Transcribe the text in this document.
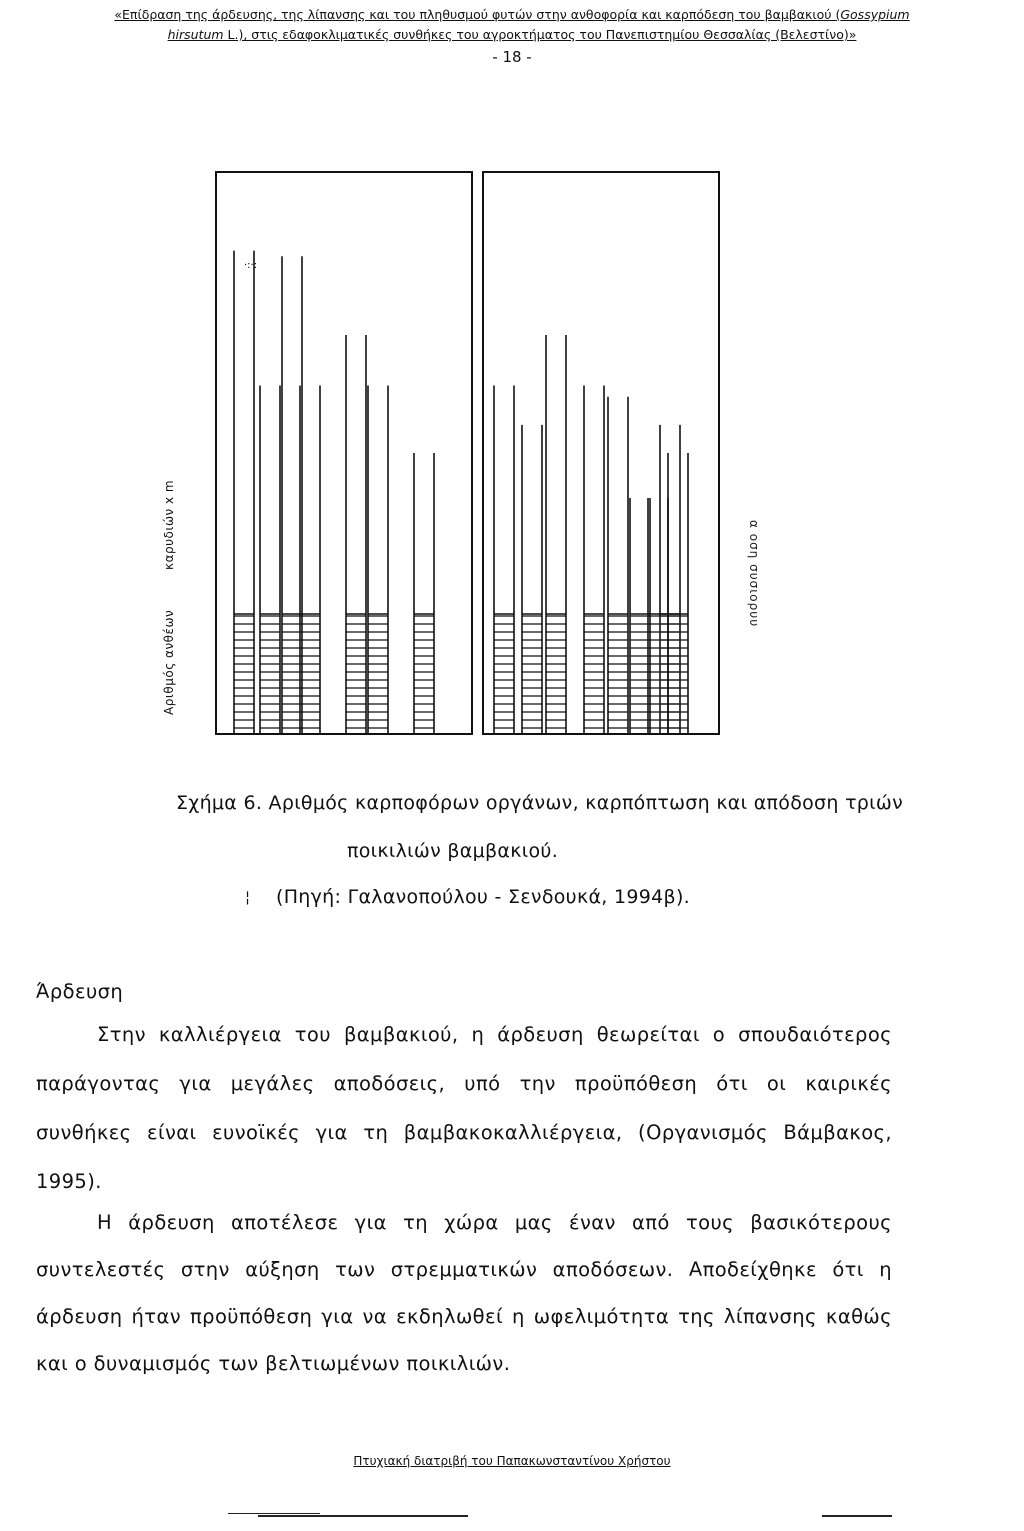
«Επίδραση της άρδευσης, της λίπανσης και του πληθυσμού φυτών στην ανθοφορία και καρπόδεση του βαμβακιού (Gossypium
hirsutum L.), στις εδαφοκλιματικές συνθήκες του αγροκτήματος του Πανεπιστημίου Θεσσαλίας (Βελεστίνο)»
- 18 -
·:·:
Αριθμός ανθέωνκαρυδιών x m	α οση συσιορυυ
Σχήμα 6. Αριθμός καρποφόρων οργάνων, καρπόπτωση και απόδοση τριών
ποικιλιών βαμβακιού.
¦ (Πηγή: Γαλανοπούλου - Σενδουκά, 1994β).
Άρδευση
Στην καλλιέργεια του βαμβακιού, η άρδευση θεωρείται ο σπουδαιότερος
παράγοντας για μεγάλες αποδόσεις, υπό την προϋπόθεση ότι οι καιρικές
συνθήκες είναι ευνοϊκές για τη βαμβακοκαλλιέργεια, (Οργανισμός Βάμβακος,
1995).
Η άρδευση αποτέλεσε για τη χώρα μας έναν από τους βασικότερους
συντελεστές στην αύξηση των στρεμματικών αποδόσεων. Αποδείχθηκε ότι η
άρδευση ήταν προϋπόθεση για να εκδηλωθεί η ωφελιμότητα της λίπανσης καθώς
και ο δυναμισμός των βελτιωμένων ποικιλιών.
Πτυχιακή διατριβή του Παπακωνσταντίνου Χρήστου
